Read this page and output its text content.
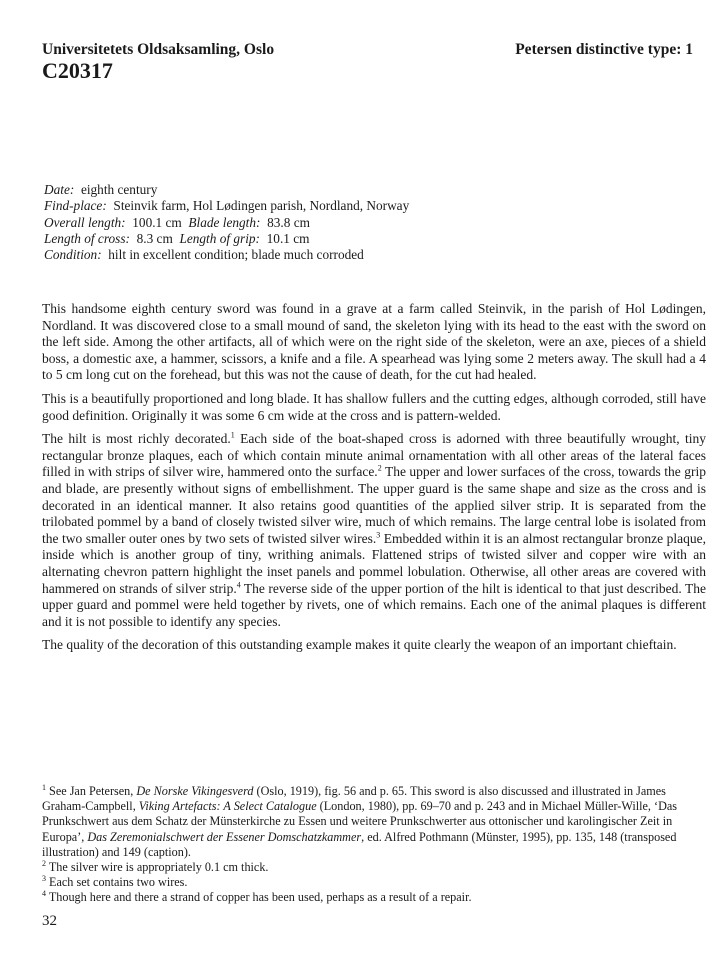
Universitetets Oldsaksamling, Oslo
C20317
Petersen distinctive type: 1
Date: eighth century
Find-place: Steinvik farm, Hol Lødingen parish, Nordland, Norway
Overall length: 100.1 cm Blade length: 83.8 cm
Length of cross: 8.3 cm Length of grip: 10.1 cm
Condition: hilt in excellent condition; blade much corroded

This handsome eighth century sword was found in a grave at a farm called Steinvik, in the parish of Hol Lødingen, Nordland. It was discovered close to a small mound of sand, the skeleton lying with its head to the east with the sword on the left side. Among the other artifacts, all of which were on the right side of the skeleton, were an axe, pieces of a shield boss, a domestic axe, a hammer, scissors, a knife and a file. A spearhead was lying some 2 meters away. The skull had a 4 to 5 cm long cut on the forehead, but this was not the cause of death, for the cut had healed.

This is a beautifully proportioned and long blade. It has shallow fullers and the cutting edges, although corroded, still have good definition. Originally it was some 6 cm wide at the cross and is pattern-welded.

The hilt is most richly decorated.$^1$ Each side of the boat-shaped cross is adorned with three beautifully wrought, tiny rectangular bronze plaques, each of which contain minute animal ornamentation with all other areas of the lateral faces filled in with strips of silver wire, hammered onto the surface.$^2$ The upper and lower surfaces of the cross, towards the grip and blade, are presently without signs of embellishment. The upper guard is the same shape and size as the cross and is decorated in an identical manner. It also retains good quantities of the applied silver strip. It is separated from the trilobated pommel by a band of closely twisted silver wire, much of which remains. The large central lobe is isolated from the two smaller outer ones by two sets of twisted silver wires.$^3$ Embedded within it is an almost rectangular bronze plaque, inside which is another group of tiny, writhing animals. Flattened strips of twisted silver and copper wire with an alternating chevron pattern highlight the inset panels and pommel lobulation. Otherwise, all other areas are covered with hammered on strands of silver strip.$^4$ The reverse side of the upper portion of the hilt is identical to that just described. The upper guard and pommel were held together by rivets, one of which remains. Each one of the animal plaques is different and it is not possible to identify any species.

The quality of the decoration of this outstanding example makes it quite clearly the weapon of an important chieftain.

$^1$ See Jan Petersen, De Norske Vikingesverd (Oslo, 1919), fig. 56 and p. 65. This sword is also discussed and illustrated in James Graham-Campbell, Viking Artefacts: A Select Catalogue (London, 1980), pp. 69–70 and p. 243 and in Michael Müller-Wille, ‘Das Prunkschwert aus dem Schatz der Münsterkirche zu Essen und weitere Prunkschwerter aus ottonischer und karolingischer Zeit in Europa’, Das Zeremonialschwert der Essener Domschatzkammer, ed. Alfred Pothmann (Münster, 1995), pp. 135, 148 (transposed illustration) and 149 (caption).

$^2$ The silver wire is appropriately 0.1 cm thick.

$^3$ Each set contains two wires.

$^4$ Though here and there a strand of copper has been used, perhaps as a result of a repair.

32
